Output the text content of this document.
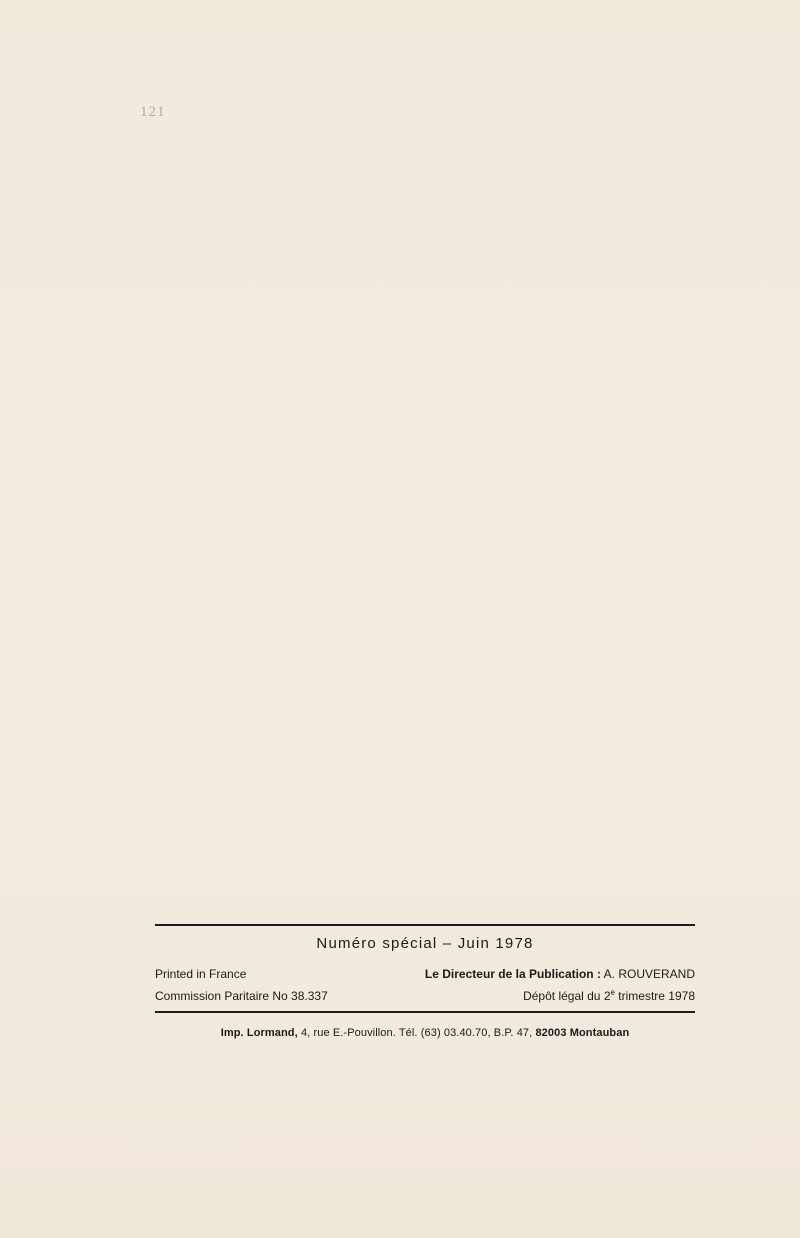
121
Numéro spécial – Juin 1978
Printed in France	Le Directeur de la Publication : A. ROUVERAND
Commission Paritaire No 38.337	Dépôt légal du 2e trimestre 1978
Imp. Lormand, 4, rue E.-Pouvillon. Tél. (63) 03.40.70, B.P. 47, 82003 Montauban
